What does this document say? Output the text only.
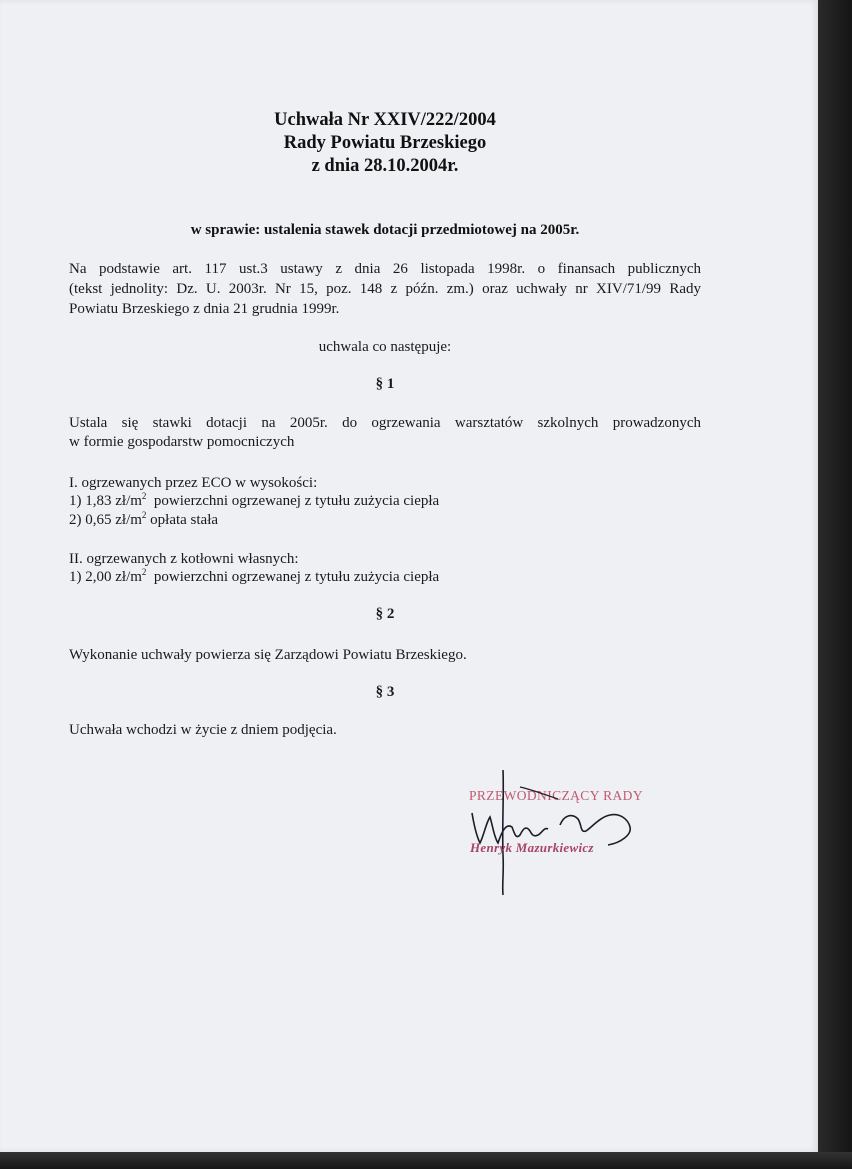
Uchwała Nr XXIV/222/2004
Rady Powiatu Brzeskiego
z dnia 28.10.2004r.
w sprawie: ustalenia stawek dotacji przedmiotowej na 2005r.
Na podstawie art. 117 ust.3 ustawy z dnia 26 listopada 1998r. o finansach publicznych
(tekst jednolity: Dz. U. 2003r. Nr 15, poz. 148 z późn. zm.) oraz uchwały nr XIV/71/99 Rady
Powiatu Brzeskiego z dnia 21 grudnia 1999r.
uchwala co następuje:
§ 1
Ustala się stawki dotacji na 2005r. do ogrzewania warsztatów szkolnych prowadzonych
w formie gospodarstw pomocniczych
I. ogrzewanych przez ECO w wysokości:
1) 1,83 $zł/m^2$  powierzchni ogrzewanej z tytułu zużycia ciepła
2) 0,65 $zł/m^2$ opłata stała
II. ogrzewanych z kotłowni własnych:
1) 2,00 $zł/m^2$  powierzchni ogrzewanej z tytułu zużycia ciepła
§ 2
Wykonanie uchwały powierza się Zarządowi Powiatu Brzeskiego.
§ 3
Uchwała wchodzi w życie z dniem podjęcia.
PRZEWODNICZĄCY RADY
Henryk Mazurkiewicz
